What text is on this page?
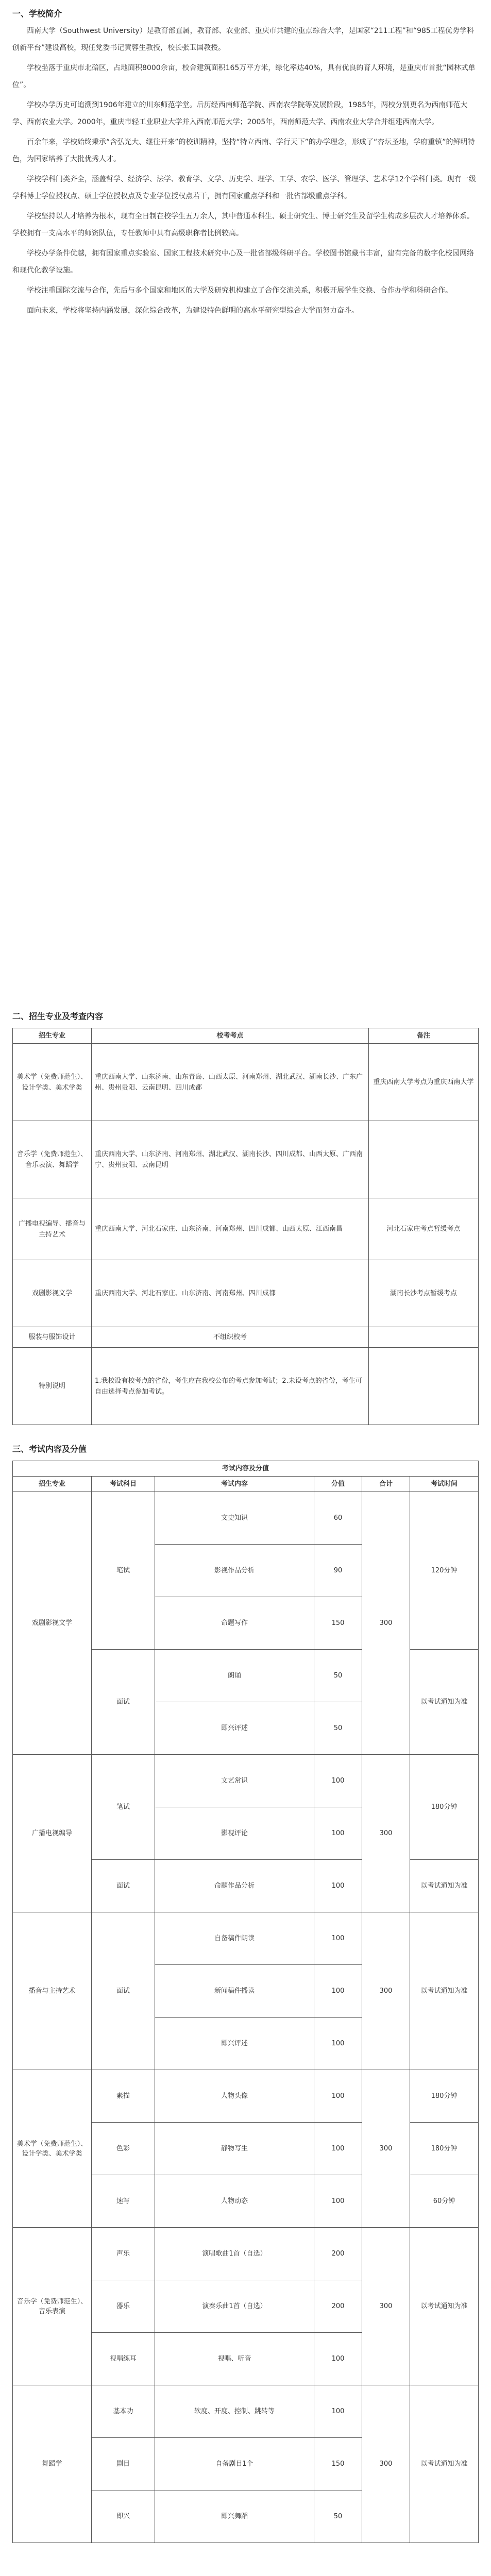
一、学校简介

西南大学（Southwest University）是教育部直属，教育部、农业部、重庆市共建的重点综合大学，是国家“211工程”和“985工程优势学科创新平台”建设高校，现任党委书记黄蓉生教授，校长张卫国教授。

学校坐落于重庆市北碚区，占地面积8000余亩，校舍建筑面积165万平方米，绿化率达40%，具有优良的育人环境，是重庆市首批“园林式单位”。

学校办学历史可追溯到1906年建立的川东师范学堂。后历经西南师范学院、西南农学院等发展阶段，1985年，两校分别更名为西南师范大学、西南农业大学。2000年，重庆市轻工业职业大学并入西南师范大学；2005年，西南师范大学、西南农业大学合并组建西南大学。

百余年来，学校始终秉承“含弘光大、继往开来”的校训精神，坚持“特立西南、学行天下”的办学理念，形成了“杏坛圣地，学府重镇”的鲜明特色，为国家培养了大批优秀人才。

学校学科门类齐全，涵盖哲学、经济学、法学、教育学、文学、历史学、理学、工学、农学、医学、管理学、艺术学12个学科门类。现有一级学科博士学位授权点、硕士学位授权点及专业学位授权点若干，拥有国家重点学科和一批省部级重点学科。

学校坚持以人才培养为根本，现有全日制在校学生五万余人，其中普通本科生、硕士研究生、博士研究生及留学生构成多层次人才培养体系。学校拥有一支高水平的师资队伍，专任教师中具有高级职称者比例较高。

学校办学条件优越，拥有国家重点实验室、国家工程技术研究中心及一批省部级科研平台。学校图书馆藏书丰富，建有完备的数字化校园网络和现代化教学设施。

学校注重国际交流与合作，先后与多个国家和地区的大学及研究机构建立了合作交流关系，积极开展学生交换、合作办学和科研合作。

面向未来，学校将坚持内涵发展，深化综合改革，为建设特色鲜明的高水平研究型综合大学而努力奋斗。

二、招生专业及考查内容
招生专业	校考考点	备注
美术学（免费师范生）、设计学类、美术学类	重庆西南大学、山东济南、山东青岛、山西太原、河南郑州、湖北武汉、湖南长沙、广东广州、贵州贵阳、云南昆明、四川成都	重庆西南大学考点为重庆西南大学
音乐学（免费师范生）、音乐表演、舞蹈学	重庆西南大学、山东济南、河南郑州、湖北武汉、湖南长沙、四川成都、山西太原、广西南宁、贵州贵阳、云南昆明	
广播电视编导、播音与主持艺术	重庆西南大学、河北石家庄、山东济南、河南郑州、四川成都、山西太原、江西南昌	河北石家庄考点暂缓考点
戏剧影视文学	重庆西南大学、河北石家庄、山东济南、河南郑州、四川成都	湖南长沙考点暂缓考点
服装与服饰设计	不组织校考	
特别说明	1.我校设有校考点的省份，考生应在我校公布的考点参加考试；2.未设考点的省份，考生可自由选择考点参加考试。	
三、考试内容及分值
考试内容及分值					
招生专业	考试科目	考试内容	分值	合计	考试时间
戏剧影视文学	笔试	文史知识	60	300	120分钟
		影视作品分析	90		
		命题写作	150		
	面试	朗诵	50		以考试通知为准
		即兴评述	50		
广播电视编导	笔试	文艺常识	100	300	180分钟
		影视评论	100		
	面试	命题作品分析	100		以考试通知为准
播音与主持艺术	面试	自备稿件朗读	100	300	以考试通知为准
		新闻稿件播读	100		
		即兴评述	100		
美术学（免费师范生）、设计学类、美术学类	素描	人物头像	100	300	180分钟
	色彩	静物写生	100		180分钟
	速写	人物动态	100		60分钟
音乐学（免费师范生）、音乐表演	声乐	演唱歌曲1首（自选）	200	300	以考试通知为准
	器乐	演奏乐曲1首（自选）	200		
	视唱练耳	视唱、听音	100		
舞蹈学	基本功	软度、开度、控制、跳转等	100	300	以考试通知为准
	剧目	自备剧目1个	150		
	即兴	即兴舞蹈	50		
